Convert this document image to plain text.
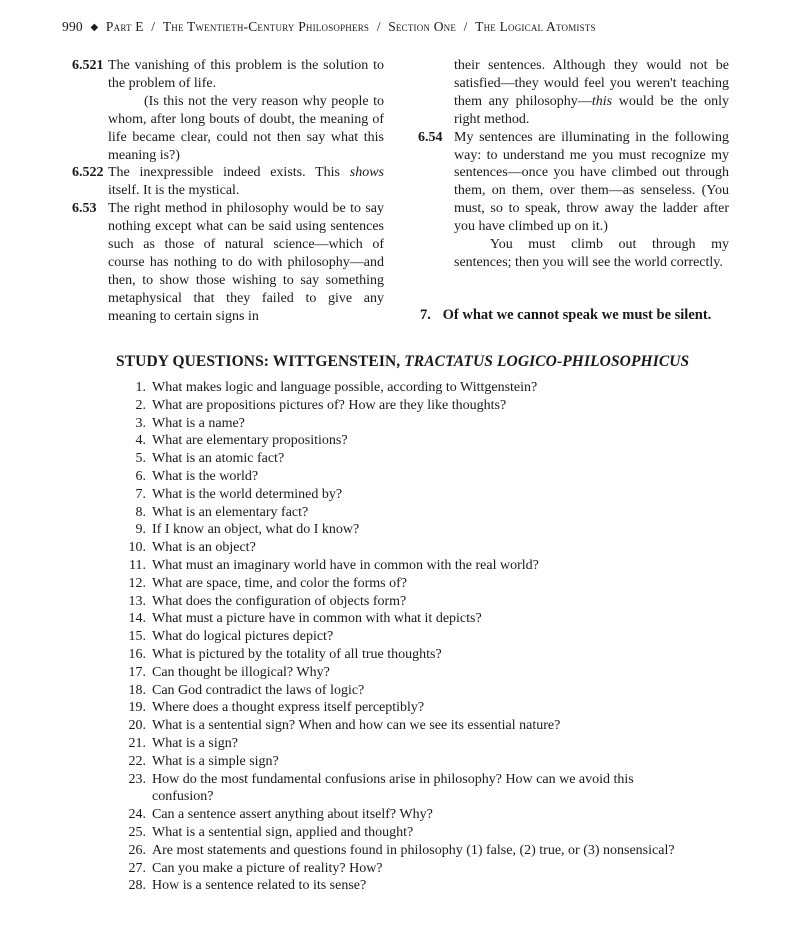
990 ◆ Part E / The Twentieth-Century Philosophers / Section One / The Logical Atomists
6.521 The vanishing of this problem is the solution to the problem of life.

(Is this not the very reason why people to whom, after long bouts of doubt, the meaning of life became clear, could not then say what this meaning is?)

6.522 The inexpressible indeed exists. This shows itself. It is the mystical.

6.53 The right method in philosophy would be to say nothing except what can be said using sentences such as those of natural science—which of course has nothing to do with philosophy—and then, to show those wishing to say something metaphysical that they failed to give any meaning to certain signs in

their sentences. Although they would not be satisfied—they would feel you weren't teaching them any philosophy—this would be the only right method.

6.54 My sentences are illuminating in the following way: to understand me you must recognize my sentences—once you have climbed out through them, on them, over them—as senseless. (You must, so to speak, throw away the ladder after you have climbed up on it.)

You must climb out through my sentences; then you will see the world correctly.

7. Of what we cannot speak we must be silent.
STUDY QUESTIONS: WITTGENSTEIN, TRACTATUS LOGICO-PHILOSOPHICUS
1. What makes logic and language possible, according to Wittgenstein?
2. What are propositions pictures of? How are they like thoughts?
3. What is a name?
4. What are elementary propositions?
5. What is an atomic fact?
6. What is the world?
7. What is the world determined by?
8. What is an elementary fact?
9. If I know an object, what do I know?
10. What is an object?
11. What must an imaginary world have in common with the real world?
12. What are space, time, and color the forms of?
13. What does the configuration of objects form?
14. What must a picture have in common with what it depicts?
15. What do logical pictures depict?
16. What is pictured by the totality of all true thoughts?
17. Can thought be illogical? Why?
18. Can God contradict the laws of logic?
19. Where does a thought express itself perceptibly?
20. What is a sentential sign? When and how can we see its essential nature?
21. What is a sign?
22. What is a simple sign?
23. How do the most fundamental confusions arise in philosophy? How can we avoid this confusion?
24. Can a sentence assert anything about itself? Why?
25. What is a sentential sign, applied and thought?
26. Are most statements and questions found in philosophy (1) false, (2) true, or (3) nonsensical?
27. Can you make a picture of reality? How?
28. How is a sentence related to its sense?
